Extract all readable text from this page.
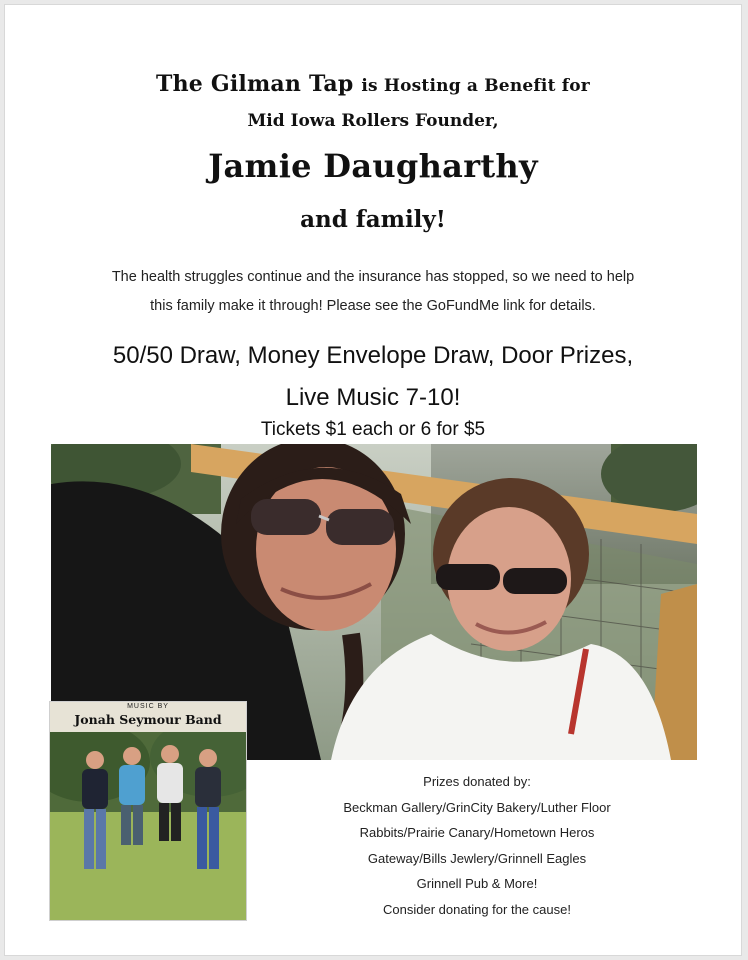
The Gilman Tap is Hosting a Benefit for
Mid Iowa Rollers Founder,
Jamie Daugharthy
and family!
The health struggles continue and the insurance has stopped, so we need to help
this family make it through! Please see the GoFundMe link for details.
50/50 Draw, Money Envelope Draw, Door Prizes,
Live Music 7-10!
Tickets $1 each or 6 for $5
MUSIC BY
Jonah Seymour Band
Prizes donated by:
Beckman Gallery/GrinCity Bakery/Luther Floor
Rabbits/Prairie Canary/Hometown Heros
Gateway/Bills Jewlery/Grinnell Eagles
Grinnell Pub & More!
Consider donating for the cause!
